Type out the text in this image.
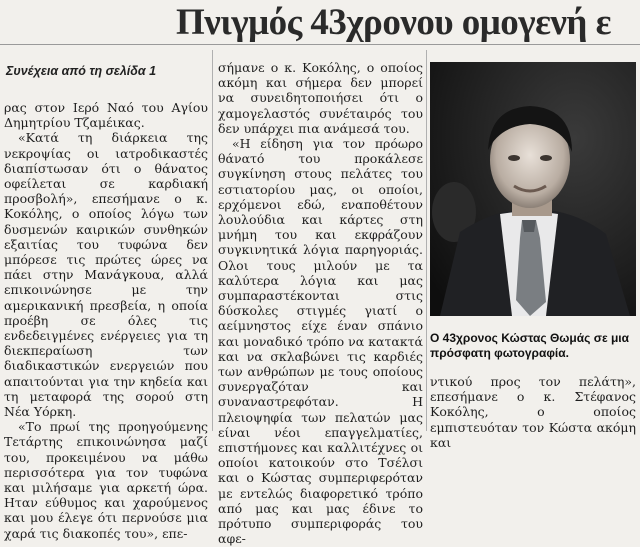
Πνιγμός 43χρονου ομογενή ε
Συνέχεια από τη σελίδα 1

ρας στον Ιερό Ναό του Αγίου Δημητρίου Τζαμέικας.

«Κατά τη διάρκεια της νεκροψίας οι ιατροδικαστές διαπίστωσαν ότι ο θάνατος οφείλεται σε καρδιακή προσβολή», επεσήμανε ο κ. Κοκόλης, ο οποίος λόγω των δυσμενών καιρικών συνθηκών εξαιτίας του τυφώνα δεν μπόρεσε τις πρώτες ώρες να πάει στην Μανάγκουα, αλλά επικοινώνησε με την αμερικανική πρεσβεία, η οποία προέβη σε όλες τις ενδεδειγμένες ενέργειες για τη διεκπεραίωση των διαδικαστικών ενεργειών που απαιτούνται για την κηδεία και τη μεταφορά της σορού στη Νέα Υόρκη.

«Το πρωί της προηγούμενης Τετάρτης επικοινώνησα μαζί του, προκειμένου να μάθω περισσότερα για τον τυφώνα και μιλήσαμε για αρκετή ώρα. Ηταν εύθυμος και χαρούμενος και μου έλεγε ότι περνούσε μια χαρά τις διακοπές του», επε-

σήμανε ο κ. Κοκόλης, ο οποίος ακόμη και σήμερα δεν μπορεί να συνειδητοποιήσει ότι ο χαμογελαστός συνέταιρός του δεν υπάρχει πια ανάμεσά του.

«Η είδηση για τον πρόωρο θάνατό του προκάλεσε συγκίνηση στους πελάτες του εστιατορίου μας, οι οποίοι, ερχόμενοι εδώ, εναποθέτουν λουλούδια και κάρτες στη μνήμη του και εκφράζουν συγκινητικά λόγια παρηγοριάς. Ολοι τους μιλούν με τα καλύτερα λόγια και μας συμπαραστέκονται στις δύσκολες στιγμές γιατί ο αείμνηστος είχε έναν σπάνιο και μοναδικό τρόπο να κατακτά και να σκλαβώνει τις καρδιές των ανθρώπων με τους οποίους συνεργαζόταν και συναναστρεφόταν. Η πλειοψηφία των πελατών μας είναι νέοι επαγγελματίες, επιστήμονες και καλλιτέχνες οι οποίοι κατοικούν στο Τσέλσι και ο Κώστας συμπεριφερόταν με εντελώς διαφορετικό τρόπο από μας και μας έδινε το πρότυπο συμπεριφοράς του αφε-

Ο 43χρονος Κώστας Θωμάς σε μια πρόσφατη φωτογραφία.

ντικού προς τον πελάτη», επεσήμανε ο κ. Στέφανος Κοκόλης, ο οποίος εμπιστευόταν τον Κώστα ακόμη και
